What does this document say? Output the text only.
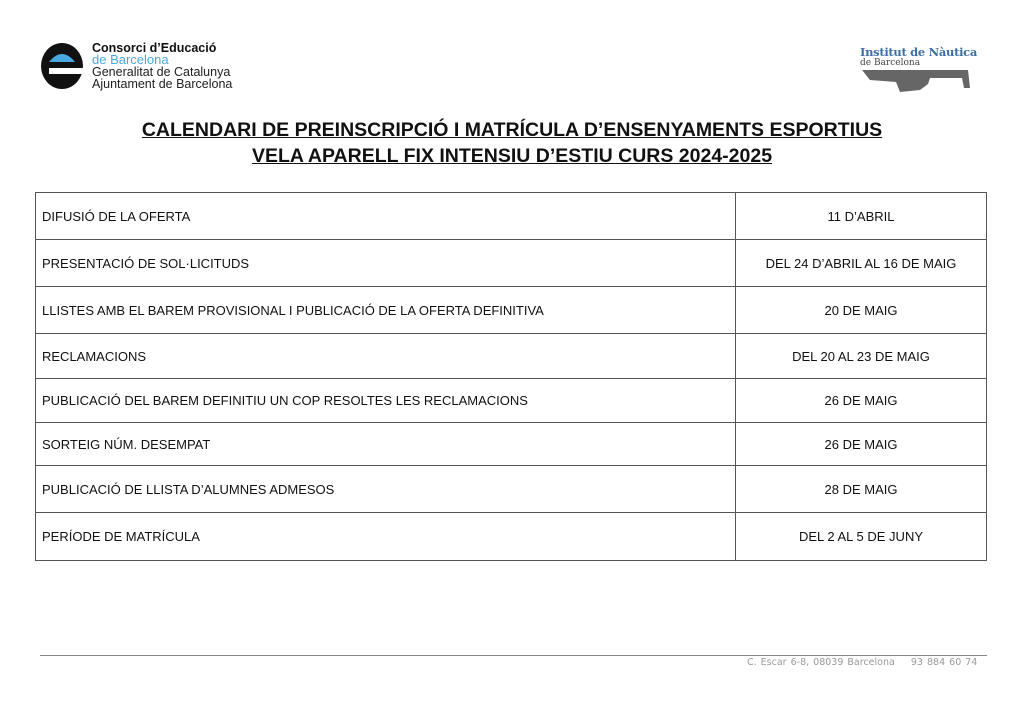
Consorci d’Educació
de Barcelona
Generalitat de Catalunya
Ajuntament de Barcelona
Institut de Nàutica
de Barcelona
CALENDARI DE PREINSCRIPCIÓ I MATRÍCULA D’ENSENYAMENTS ESPORTIUS
VELA APARELL FIX INTENSIU D’ESTIU CURS 2024-2025
DIFUSIÓ DE LA OFERTA	11 D’ABRIL
PRESENTACIÓ DE SOL·LICITUDS	DEL 24 D’ABRIL AL 16 DE MAIG
LLISTES AMB EL BAREM PROVISIONAL I PUBLICACIÓ DE LA OFERTA DEFINITIVA	20 DE MAIG
RECLAMACIONS	DEL 20 AL 23 DE MAIG
PUBLICACIÓ DEL BAREM DEFINITIU UN COP RESOLTES LES RECLAMACIONS	26 DE MAIG
SORTEIG NÚM. DESEMPAT	26 DE MAIG
PUBLICACIÓ DE LLISTA D’ALUMNES ADMESOS	28 DE MAIG
PERÍODE DE MATRÍCULA	DEL 2 AL 5 DE JUNY
C. Escar 6-8, 08039 Barcelona 93 884 60 74
